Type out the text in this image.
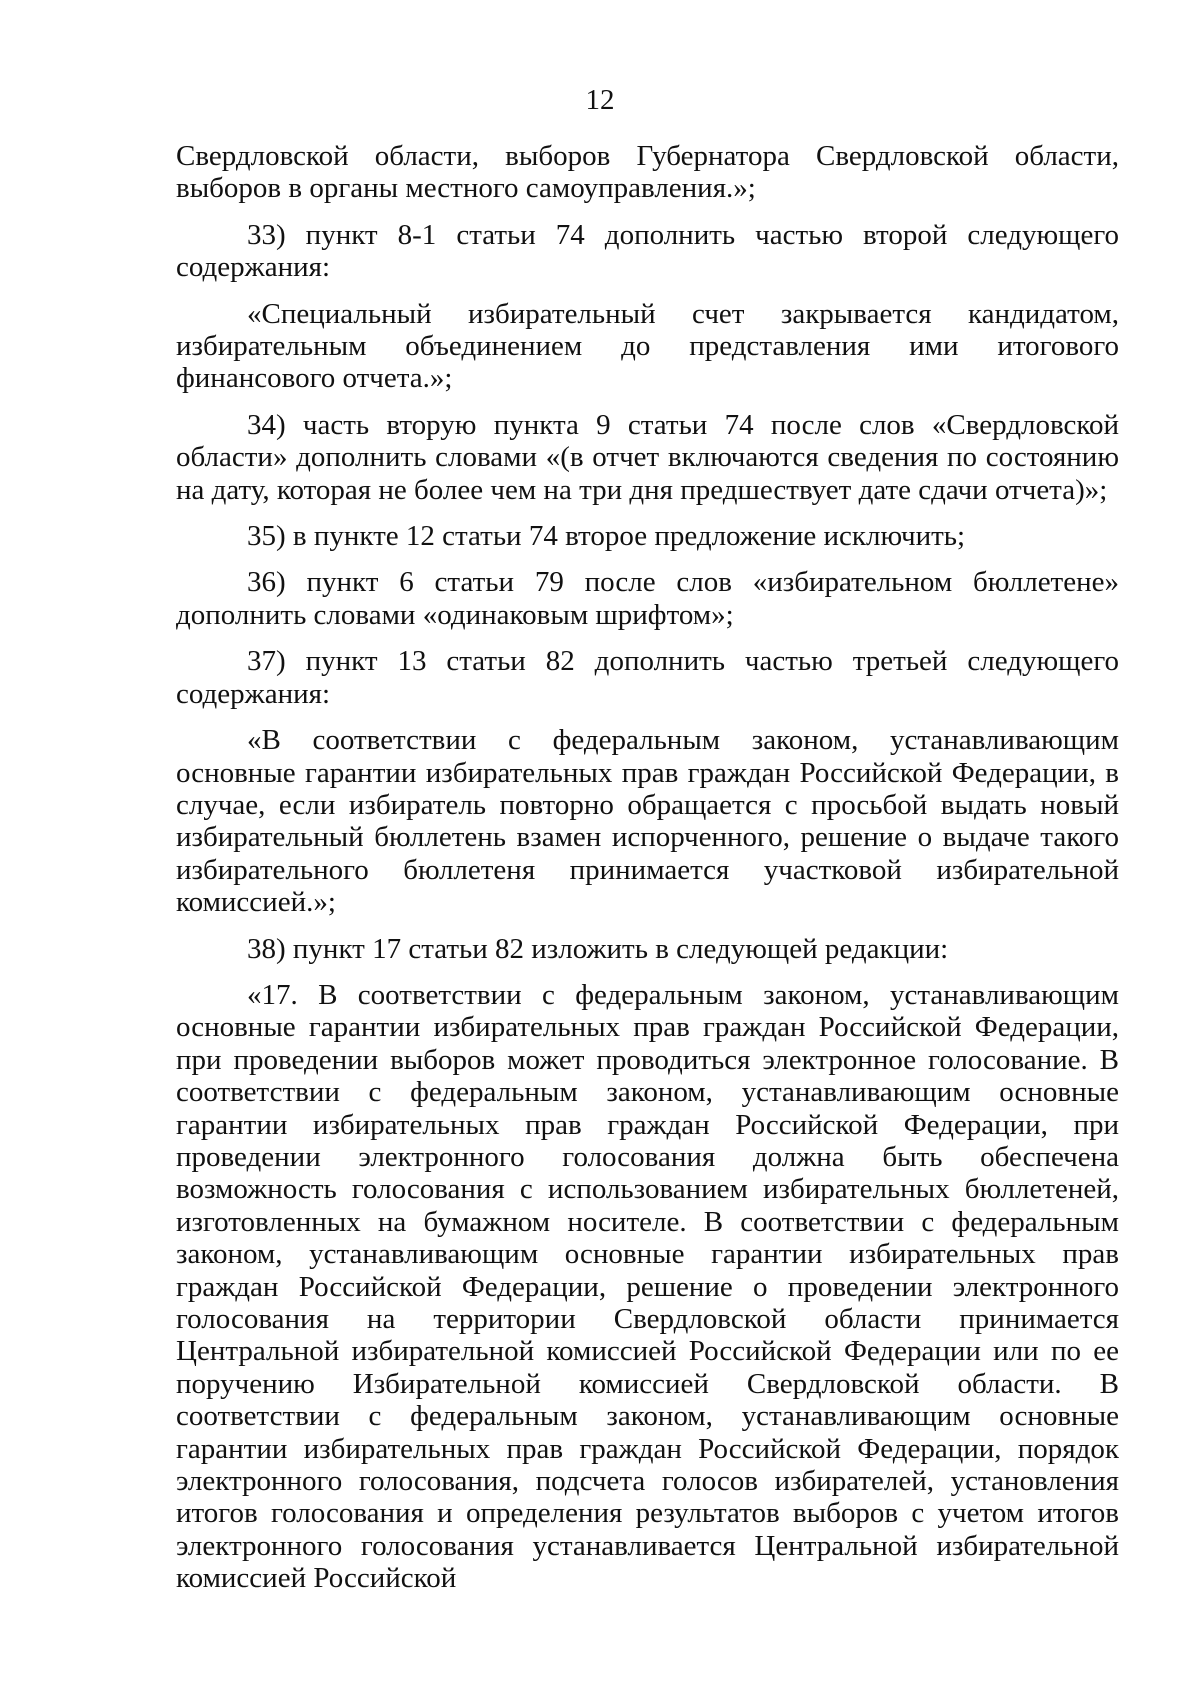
12

Свердловской области, выборов Губернатора Свердловской области, выборов в органы местного самоуправления.»;

33) пункт 8-1 статьи 74 дополнить частью второй следующего содержания:

«Специальный избирательный счет закрывается кандидатом, избирательным объединением до представления ими итогового финансового отчета.»;

34) часть вторую пункта 9 статьи 74 после слов «Свердловской области» дополнить словами «(в отчет включаются сведения по состоянию на дату, которая не более чем на три дня предшествует дате сдачи отчета)»;

35) в пункте 12 статьи 74 второе предложение исключить;

36) пункт 6 статьи 79 после слов «избирательном бюллетене» дополнить словами «одинаковым шрифтом»;

37) пункт 13 статьи 82 дополнить частью третьей следующего содержания:

«В соответствии с федеральным законом, устанавливающим основные гарантии избирательных прав граждан Российской Федерации, в случае, если избиратель повторно обращается с просьбой выдать новый избирательный бюллетень взамен испорченного, решение о выдаче такого избирательного бюллетеня принимается участковой избирательной комиссией.»;

38) пункт 17 статьи 82 изложить в следующей редакции:

«17. В соответствии с федеральным законом, устанавливающим основные гарантии избирательных прав граждан Российской Федерации, при проведении выборов может проводиться электронное голосование. В соответствии с федеральным законом, устанавливающим основные гарантии избирательных прав граждан Российской Федерации, при проведении электронного голосования должна быть обеспечена возможность голосования с использованием избирательных бюллетеней, изготовленных на бумажном носителе. В соответствии с федеральным законом, устанавливающим основные гарантии избирательных прав граждан Российской Федерации, решение о проведении электронного голосования на территории Свердловской области принимается Центральной избирательной комиссией Российской Федерации или по ее поручению Избирательной комиссией Свердловской области. В соответствии с федеральным законом, устанавливающим основные гарантии избирательных прав граждан Российской Федерации, порядок электронного голосования, подсчета голосов избирателей, установления итогов голосования и определения результатов выборов с учетом итогов электронного голосования устанавливается Центральной избирательной комиссией Российской
